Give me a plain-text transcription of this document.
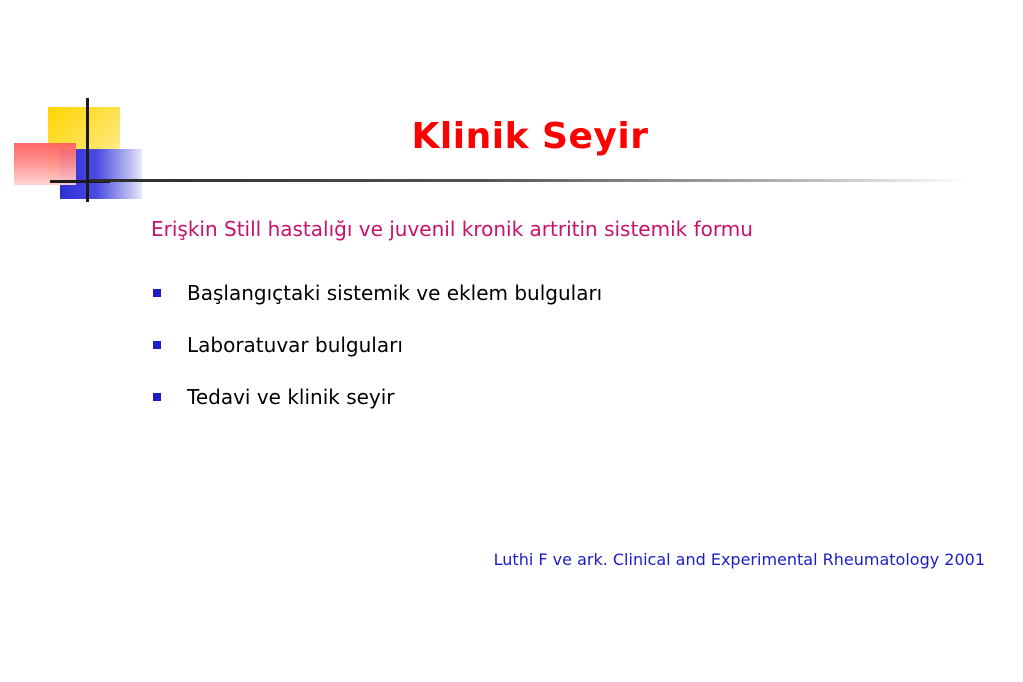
Klinik Seyir

Erişkin Still hastalığı ve juvenil kronik artritin sistemik formu

Başlangıçtaki sistemik ve eklem bulguları
Laboratuvar bulguları
Tedavi ve klinik seyir

Luthi F ve ark. Clinical and Experimental Rheumatology 2001
